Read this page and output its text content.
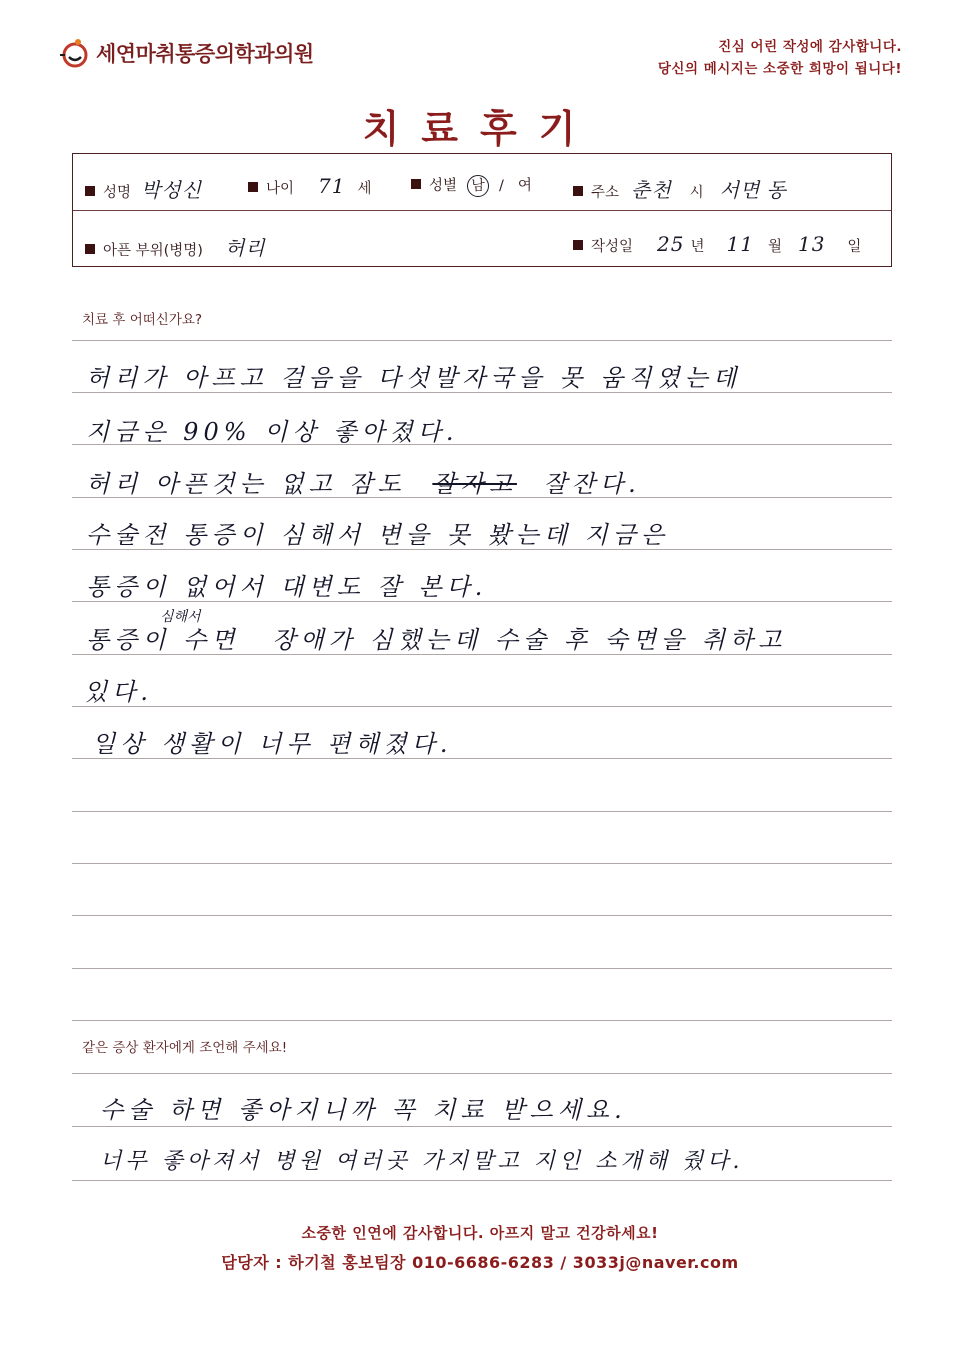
세연마취통증의학과의원	진심 어린 작성에 감사합니다.
당신의 메시지는 소중한 희망이 됩니다!
치료후기
성명 박성신	나이 71 세	성별	남 / 여	주소 춘천 시 서면 동
아픈 부위(병명) 허리	작성일 25 년 11 월 13 일
치료 후 어떠신가요?
허리가 아프고 걸음을 다섯발자국을 못 움직였는데
지금은 90% 이상 좋아졌다.
허리 아픈것는 없고 잠도 잘자고 잘잔다.
수술전 통증이 심해서 변을 못 봤는데 지금은
통증이 없어서 대변도 잘 본다.
심해서
통증이 수면 장애가 심했는데 수술 후 숙면을 취하고
있다.
일상 생활이 너무 편해졌다.
같은 증상 환자에게 조언해 주세요!
수술 하면 좋아지니까 꼭 치료 받으세요.
너무 좋아져서 병원 여러곳 가지말고 지인 소개해 줬다.
소중한 인연에 감사합니다. 아프지 말고 건강하세요!
담당자 : 하기철 홍보팀장 010-6686-6283 / 3033j@naver.com
